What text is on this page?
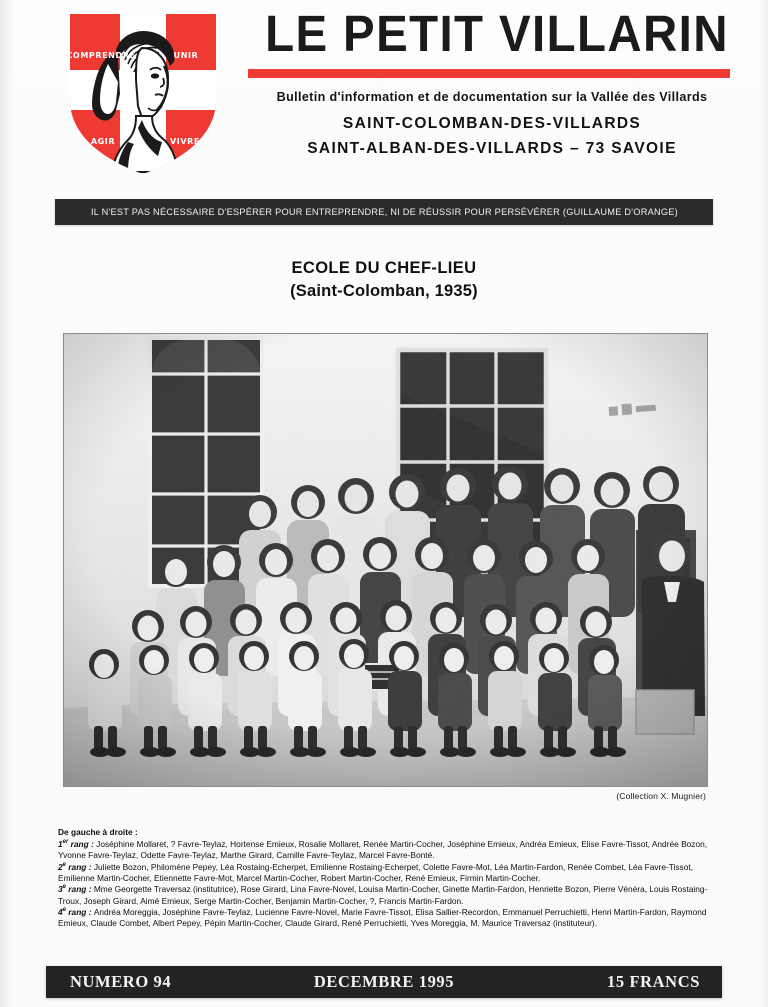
COMPRENDRE	UNIR
AGIR	VIVRE
LE PETIT VILLARIN
Bulletin d'information et de documentation sur la Vallée des Villards
SAINT-COLOMBAN-DES-VILLARDS
SAINT-ALBAN-DES-VILLARDS – 73 SAVOIE
IL N'EST PAS NÉCESSAIRE D'ESPÉRER POUR ENTREPRENDRE, NI DE RÉUSSIR POUR PERSÉVÉRER (GUILLAUME D'ORANGE)
ECOLE DU CHEF-LIEU
(Saint-Colomban, 1935)
(Collection X. Mugnier)
De gauche à droite :

1er rang : Joséphine Mollaret, ? Favre-Teylaz, Hortense Emieux, Rosalie Mollaret, Renée Martin-Cocher, Joséphine Emieux, Andréa Emieux, Elise Favre-Tissot, Andrée Bozon, Yvonne Favre-Teylaz, Odette Favre-Teylaz, Marthe Girard, Camille Favre-Teylaz, Marcel Favre-Bonté.

2e rang : Juliette Bozon, Philomène Pepey, Léa Rostaing-Echerpet, Emilienne Rostaing-Echerpet, Colette Favre-Mot, Léa Martin-Fardon, Renée Combet, Léa Favre-Tissot, Emilienne Martin-Cocher, Etiennette Favre-Mot, Marcel Martin-Cocher, Robert Martin-Cocher, René Emieux, Firmin Martin-Cocher.

3e rang : Mme Georgette Traversaz (institutrice), Rose Girard, Lina Favre-Novel, Louisa Martin-Cocher, Ginette Martin-Fardon, Henriette Bozon, Pierre Vénéra, Louis Rostaing-Troux, Joseph Girard, Aimé Emieux, Serge Martin-Cocher, Benjamin Martin-Cocher, ?, Francis Martin-Fardon.

4e rang : Andréa Moreggia, Joséphine Favre-Teylaz, Lucienne Favre-Novel, Marie Favre-Tissot, Elisa Sallier-Recordon, Emmanuel Perruchietti, Henri Martin-Fardon, Raymond Emieux, Claude Combet, Albert Pepey, Pépin Martin-Cocher, Claude Girard, René Perruchietti, Yves Moreggia, M. Maurice Traversaz (instituteur).

NUMERO 94	DECEMBRE 1995	15 FRANCS
